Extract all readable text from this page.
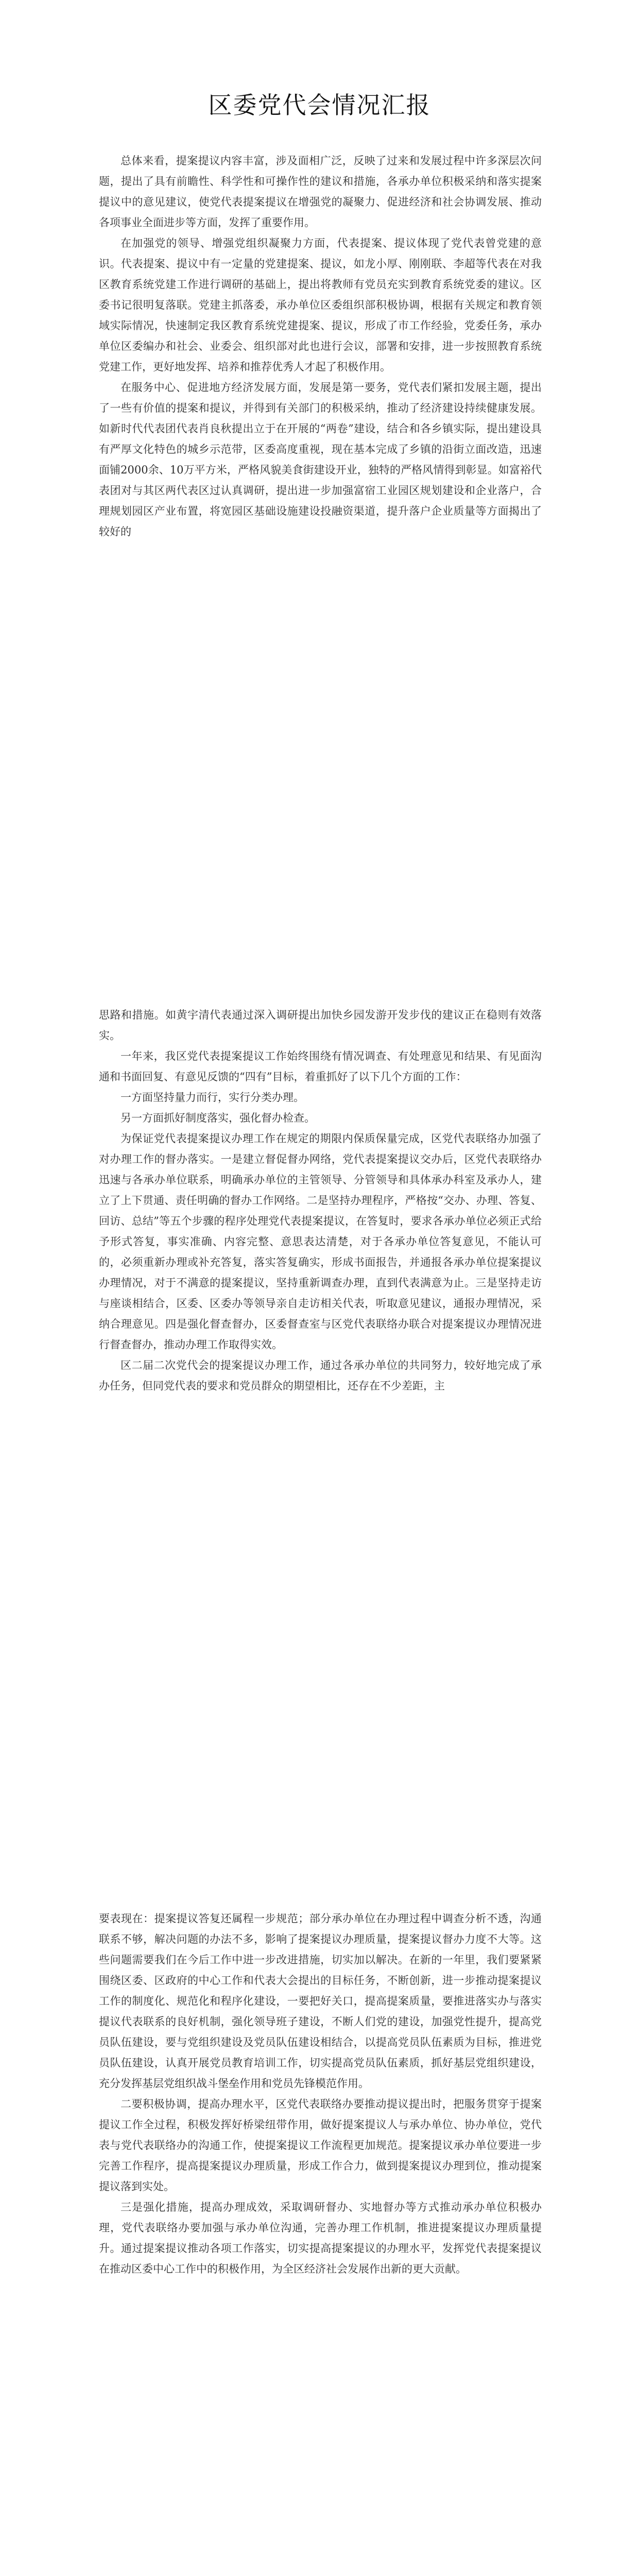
区委党代会情况汇报

总体来看，提案提议内容丰富，涉及面相广泛，反映了过来和发展过程中许多深层次问题，提出了具有前瞻性、科学性和可操作性的建议和措施，各承办单位积极采纳和落实提案提议中的意见建议，使党代表提案提议在增强党的凝聚力、促进经济和社会协调发展、推动各项事业全面进步等方面，发挥了重要作用。

在加强党的领导、增强党组织凝聚力方面，代表提案、提议体现了党代表曾党建的意识。代表提案、提议中有一定量的党建提案、提议，如龙小厚、刚刚联、李超等代表在对我区教育系统党建工作进行调研的基础上，提出将教师有党员充实到教育系统党委的建议。区委书记很明复落联。党建主抓落委，承办单位区委组织部积极协调，根据有关规定和教育领域实际情况，快速制定我区教育系统党建提案、提议，形成了市工作经验，党委任务，承办单位区委编办和社会、业委会、组织部对此也进行会议，部署和安排，进一步按照教育系统党建工作，更好地发挥、培养和推荐优秀人才起了积极作用。

在服务中心、促进地方经济发展方面，发展是第一要务，党代表们紧扣发展主题，提出了一些有价值的提案和提议，并得到有关部门的积极采纳，推动了经济建设持续健康发展。如新时代代表团代表肖良秋提出立于在开展的“两卷”建设，结合和各乡镇实际，提出建设具有严厚文化特色的城乡示范带，区委高度重视，现在基本完成了乡镇的沿街立面改造，迅速面铺2000余、10万平方米，严格风貌美食街建设开业，独特的严格风情得到彰显。如富裕代表团对与其区两代表区过认真调研，提出进一步加强富宿工业园区规划建设和企业落户，合理规划园区产业布置，将宽园区基础设施建设投融资渠道，提升落户企业质量等方面揭出了较好的

思路和措施。如黄宇清代表通过深入调研提出加快乡园发游开发步伐的建议正在稳则有效落实。

一年来，我区党代表提案提议工作始终围绕有情况调查、有处理意见和结果、有见面沟通和书面回复、有意见反馈的“四有”目标，着重抓好了以下几个方面的工作：

一方面坚持量力而行，实行分类办理。

另一方面抓好制度落实，强化督办检查。

为保证党代表提案提议办理工作在规定的期限内保质保量完成，区党代表联络办加强了对办理工作的督办落实。一是建立督促督办网络，党代表提案提议交办后，区党代表联络办迅速与各承办单位联系，明确承办单位的主管领导、分管领导和具体承办科室及承办人，建立了上下贯通、责任明确的督办工作网络。二是坚持办理程序，严格按“交办、办理、答复、回访、总结”等五个步骤的程序处理党代表提案提议，在答复时，要求各承办单位必须正式给予形式答复，事实准确、内容完整、意思表达清楚，对于各承办单位答复意见，不能认可的，必须重新办理或补充答复，落实答复确实，形成书面报告，并通报各承办单位提案提议办理情况，对于不满意的提案提议，坚持重新调查办理，直到代表满意为止。三是坚持走访与座谈相结合，区委、区委办等领导亲自走访相关代表，听取意见建议，通报办理情况，采纳合理意见。四是强化督查督办，区委督查室与区党代表联络办联合对提案提议办理情况进行督查督办，推动办理工作取得实效。

区二届二次党代会的提案提议办理工作，通过各承办单位的共同努力，较好地完成了承办任务，但同党代表的要求和党员群众的期望相比，还存在不少差距，主

要表现在：提案提议答复还属程一步规范；部分承办单位在办理过程中调查分析不透，沟通联系不够，解决问题的办法不多，影响了提案提议办理质量，提案提议督办力度不大等。这些问题需要我们在今后工作中进一步改进措施，切实加以解决。在新的一年里，我们要紧紧围绕区委、区政府的中心工作和代表大会提出的目标任务，不断创新，进一步推动提案提议工作的制度化、规范化和程序化建设，一要把好关口，提高提案质量，要推进落实办与落实提议代表联系的良好机制，强化领导班子建设，不断人们党的建设，加强党性提升，提高党员队伍建设，要与党组织建设及党员队伍建设相结合，以提高党员队伍素质为目标，推进党员队伍建设，认真开展党员教育培训工作，切实提高党员队伍素质，抓好基层党组织建设，充分发挥基层党组织战斗堡垒作用和党员先锋模范作用。

二要积极协调，提高办理水平，区党代表联络办要推动提议提出时，把服务贯穿于提案提议工作全过程，积极发挥好桥梁纽带作用，做好提案提议人与承办单位、协办单位，党代表与党代表联络办的沟通工作，使提案提议工作流程更加规范。提案提议承办单位要进一步完善工作程序，提高提案提议办理质量，形成工作合力，做到提案提议办理到位，推动提案提议落到实处。

三是强化措施，提高办理成效，采取调研督办、实地督办等方式推动承办单位积极办理，党代表联络办要加强与承办单位沟通，完善办理工作机制，推进提案提议办理质量提升。通过提案提议推动各项工作落实，切实提高提案提议的办理水平，发挥党代表提案提议在推动区委中心工作中的积极作用，为全区经济社会发展作出新的更大贡献。
